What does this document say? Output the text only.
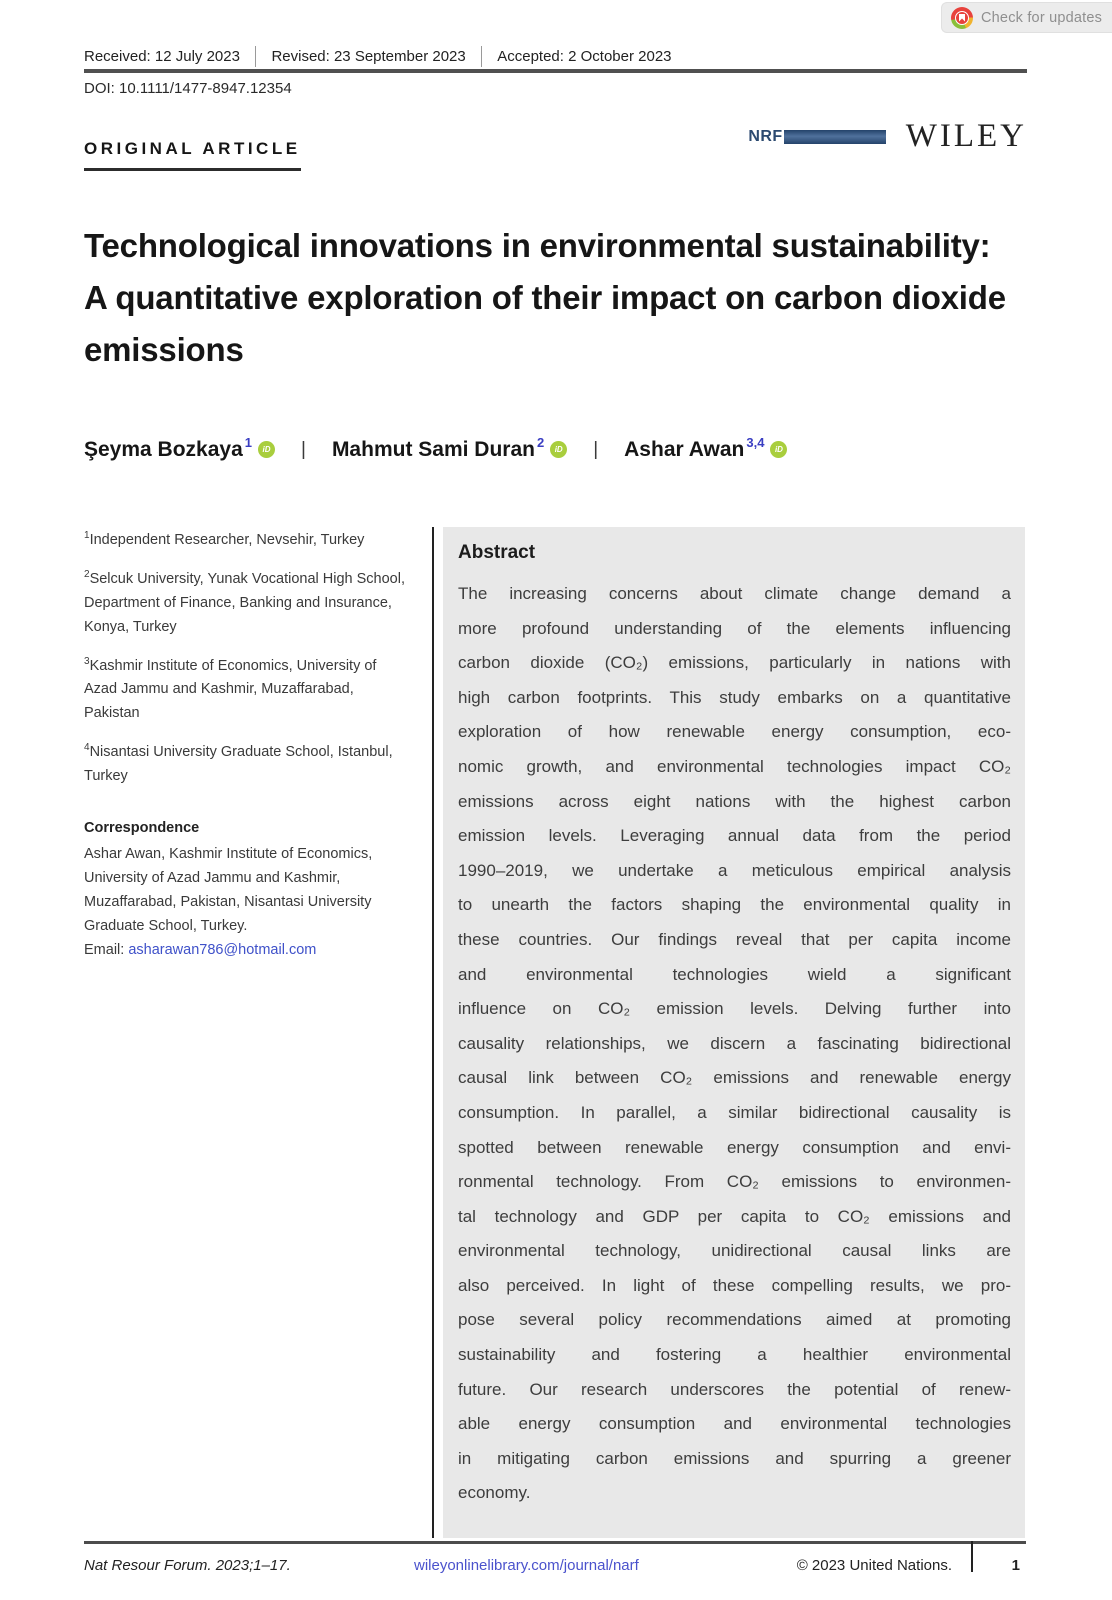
Check for updates
Received: 12 July 2023 Revised: 23 September 2023 Accepted: 2 October 2023
DOI: 10.1111/1477-8947.12354
ORIGINAL ARTICLE
NRF	WILEY
Technological innovations in environmental sustainability: A quantitative exploration of their impact on carbon dioxide emissions
Şeyma Bozkaya$^1$	iD | Mahmut Sami Duran$^2$	iD | Ashar Awan$^{3,4}$	iD

$^1$Independent Researcher, Nevsehir, Turkey

$^2$Selcuk University, Yunak Vocational High School, Department of Finance, Banking and Insurance, Konya, Turkey

$^3$Kashmir Institute of Economics, University of Azad Jammu and Kashmir, Muzaffarabad, Pakistan

$^4$Nisantasi University Graduate School, Istanbul, Turkey

Correspondence
Ashar Awan, Kashmir Institute of Economics, University of Azad Jammu and Kashmir, Muzaffarabad, Pakistan, Nisantasi University Graduate School, Turkey.
Email: asharawan786@hotmail.com
Abstract
The increasing concerns about climate change demand a
more profound understanding of the elements influencing
carbon dioxide (CO₂) emissions, particularly in nations with
high carbon footprints. This study embarks on a quantitative
exploration of how renewable energy consumption, eco-
nomic growth, and environmental technologies impact CO₂
emissions across eight nations with the highest carbon
emission levels. Leveraging annual data from the period
1990–2019, we undertake a meticulous empirical analysis
to unearth the factors shaping the environmental quality in
these countries. Our findings reveal that per capita income
and environmental technologies wield a significant
influence on CO₂ emission levels. Delving further into
causality relationships, we discern a fascinating bidirectional
causal link between CO₂ emissions and renewable energy
consumption. In parallel, a similar bidirectional causality is
spotted between renewable energy consumption and envi-
ronmental technology. From CO₂ emissions to environmen-
tal technology and GDP per capita to CO₂ emissions and
environmental technology, unidirectional causal links are
also perceived. In light of these compelling results, we pro-
pose several policy recommendations aimed at promoting
sustainability and fostering a healthier environmental
future. Our research underscores the potential of renew-
able energy consumption and environmental technologies
in mitigating carbon emissions and spurring a greener
economy.
Nat Resour Forum. 2023;1–17.	wileyonlinelibrary.com/journal/narf	© 2023 United Nations.	1
